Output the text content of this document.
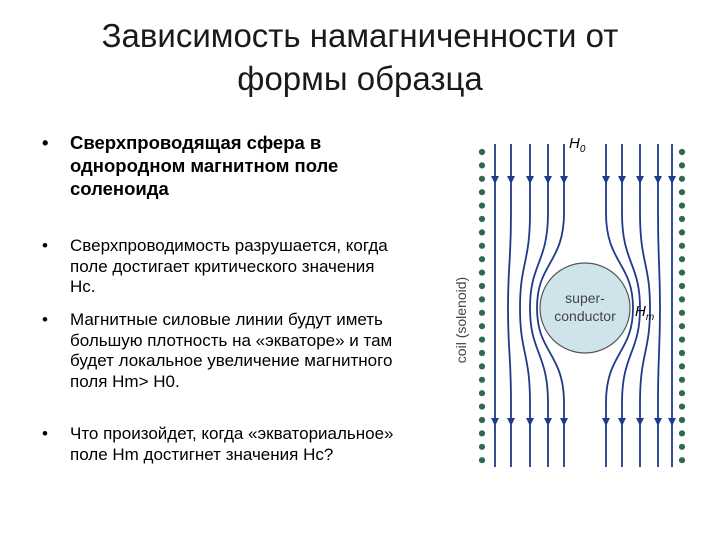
Зависимость намагниченности от
формы образца
• Сверхпроводящая сфера в однородном магнитном поле соленоида
• Сверхпроводимость разрушается, когда поле достигает критического значения Hc.
• Магнитные силовые линии будут иметь большую плотность на «экваторе» и там будет локальное увеличение магнитного поля Hm> H0.
• Что произойдет, когда «экваториальное» поле Hm достигнет значения Hc?
super-
conductor
coil (solenoid)
$H_0$
$H_m$
